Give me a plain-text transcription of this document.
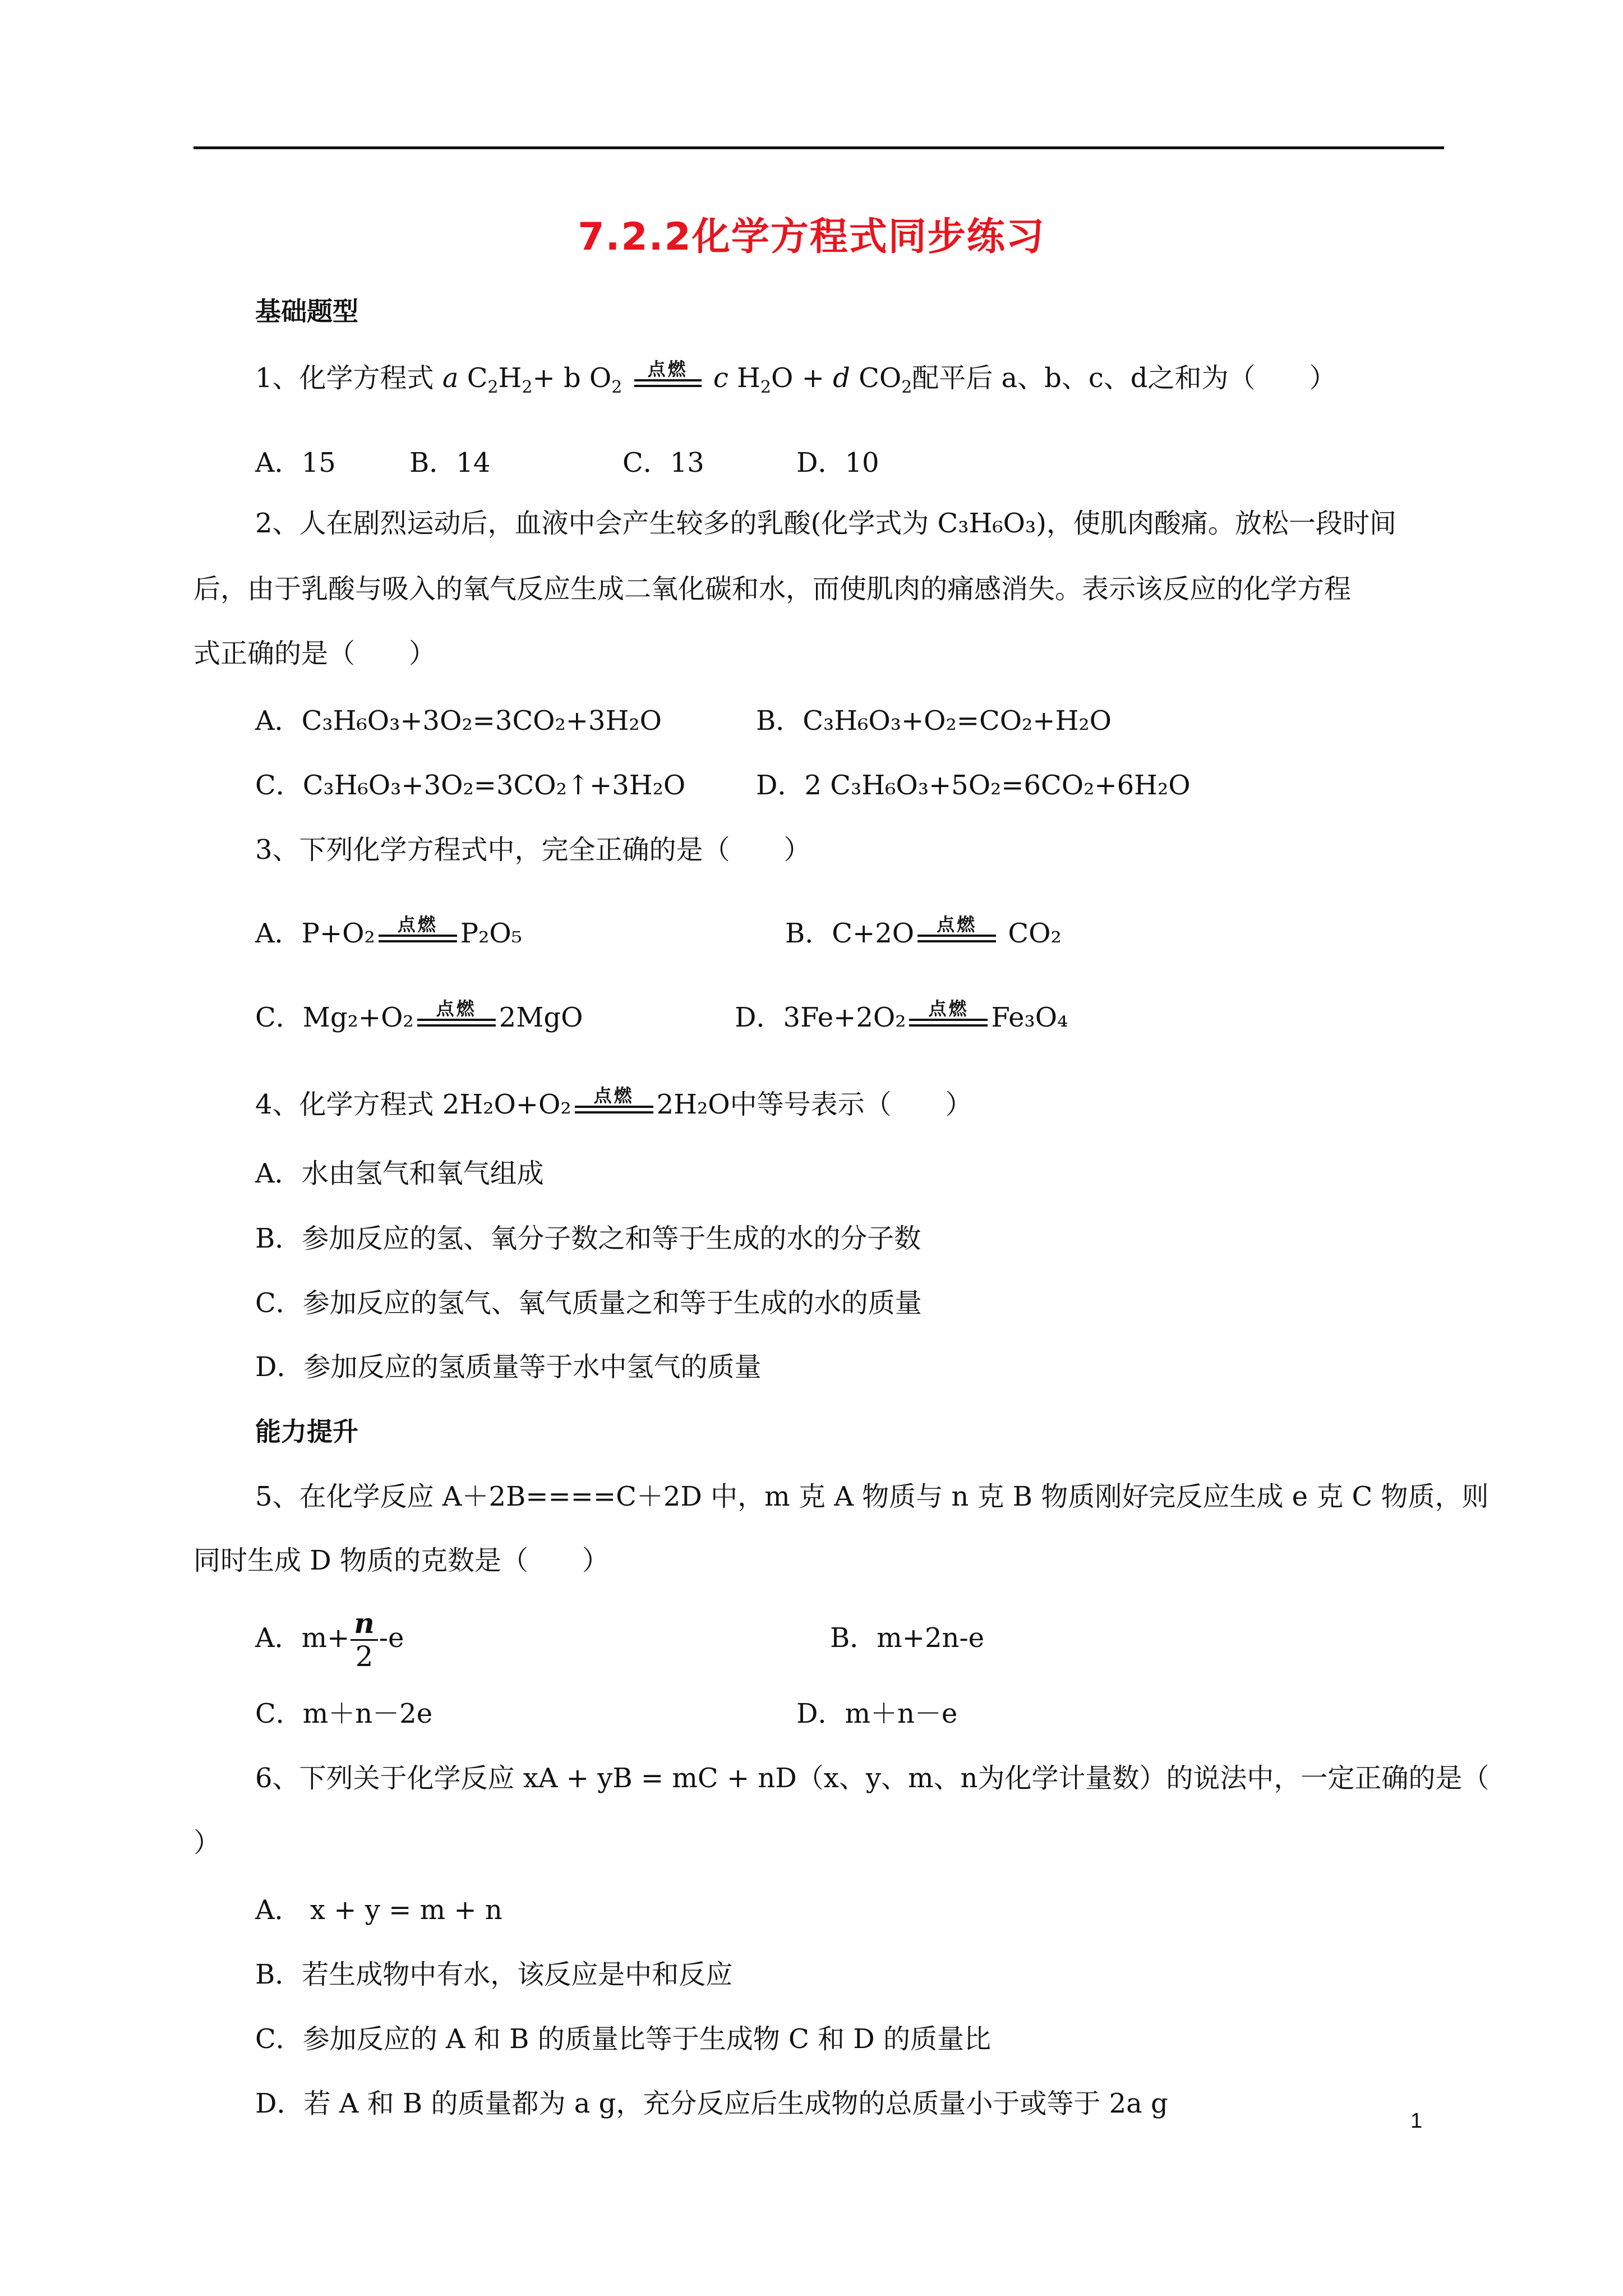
7.2.2化学方程式同步练习
基础题型
1、化学方程式 a $C_2H_2+ b$ $O_2$
点燃 c $H_2O + d$ $CO_2$配平后 a、b、c、d之和为（　　）
A．15	B．14	C．13	D．10
2、人在剧烈运动后，血液中会产生较多的乳酸(化学式为 C₃H₆O₃)，使肌肉酸痛。放松一段时间
后，由于乳酸与吸入的氧气反应生成二氧化碳和水，而使肌肉的痛感消失。表示该反应的化学方程
式正确的是（　　）
A．C₃H₆O₃+3O₂=3CO₂+3H₂O	B．C₃H₆O₃+O₂=CO₂+H₂O
C．C₃H₆O₃+3O₂=3CO₂↑+3H₂O	D．2 C₃H₆O₃+5O₂=6CO₂+6H₂O
3、下列化学方程式中，完全正确的是（　　）
A．P+O₂	点燃 P₂O₅	B．C+2O	点燃	CO₂
C．Mg₂+O₂	点燃 2MgO	D．3Fe+2O₂	点燃 Fe₃O₄
4、化学方程式 2H₂O+O₂	点燃 2H₂O中等号表示（　　）
A．水由氢气和氧气组成
B．参加反应的氢、氧分子数之和等于生成的水的分子数
C．参加反应的氢气、氧气质量之和等于生成的水的质量
D．参加反应的氢质量等于水中氢气的质量
能力提升
5、在化学反应 A＋2B====C＋2D 中，m 克 A 物质与 n 克 B 物质刚好完反应生成 e 克 C 物质，则
同时生成 D 物质的克数是（　　）
A．$m+ \frac{n}{2} -e$	B．m+2n-e
C．m＋n－2e	D．m＋n－e
6、下列关于化学反应 xA + yB = mC + nD（x、y、m、n为化学计量数）的说法中，一定正确的是（
）
A． x + y = m + n
B．若生成物中有水，该反应是中和反应
C．参加反应的 A 和 B 的质量比等于生成物 C 和 D 的质量比
D．若 A 和 B 的质量都为 a g，充分反应后生成物的总质量小于或等于 2a g
1
